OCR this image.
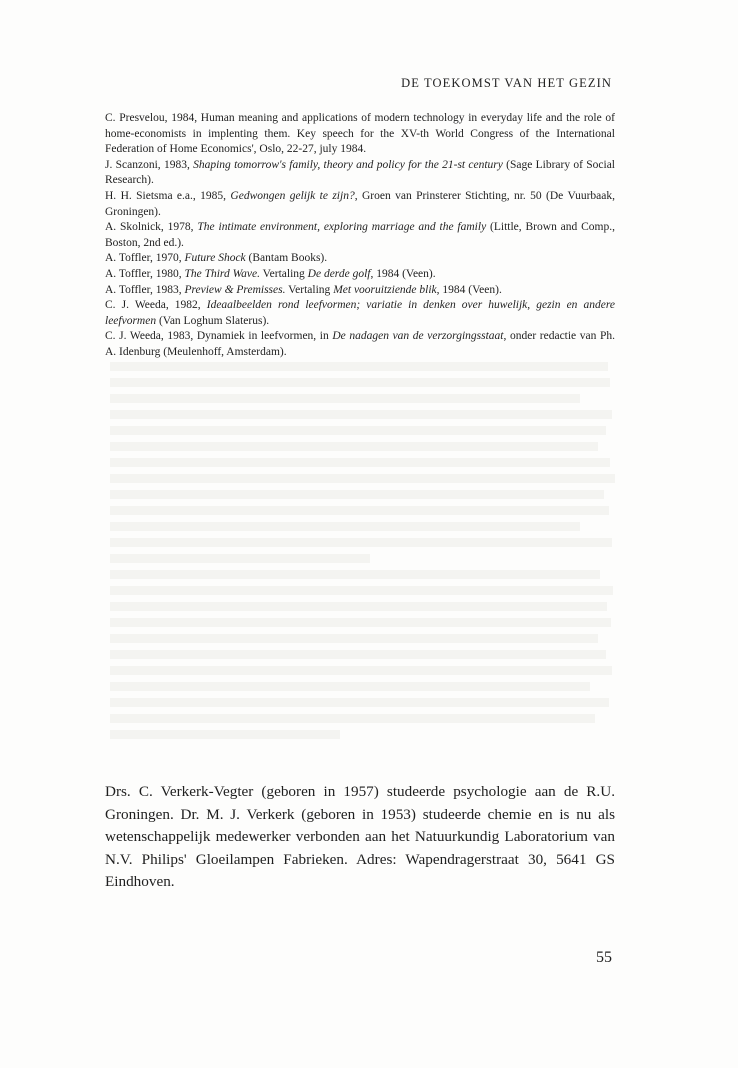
DE TOEKOMST VAN HET GEZIN

C. Presvelou, 1984, Human meaning and applications of modern technology in everyday life and the role of home-economists in implenting them. Key speech for the XV-th World Congress of the International Federation of Home Economics', Oslo, 22-27, july 1984.

J. Scanzoni, 1983, Shaping tomorrow's family, theory and policy for the 21-st century (Sage Library of Social Research).

H. H. Sietsma e.a., 1985, Gedwongen gelijk te zijn?, Groen van Prinsterer Stichting, nr. 50 (De Vuurbaak, Groningen).

A. Skolnick, 1978, The intimate environment, exploring marriage and the family (Little, Brown and Comp., Boston, 2nd ed.).

A. Toffler, 1970, Future Shock (Bantam Books).

A. Toffler, 1980, The Third Wave. Vertaling De derde golf, 1984 (Veen).

A. Toffler, 1983, Preview & Premisses. Vertaling Met vooruitziende blik, 1984 (Veen).

C. J. Weeda, 1982, Ideaalbeelden rond leefvormen; variatie in denken over huwelijk, gezin en andere leefvormen (Van Loghum Slaterus).

C. J. Weeda, 1983, Dynamiek in leefvormen, in De nadagen van de verzorgingsstaat, onder redactie van Ph. A. Idenburg (Meulenhoff, Amsterdam).

Drs. C. Verkerk-Vegter (geboren in 1957) studeerde psychologie aan de R.U. Groningen. Dr. M. J. Verkerk (geboren in 1953) studeerde chemie en is nu als wetenschappelijk medewerker verbonden aan het Natuurkundig Laboratorium van N.V. Philips' Gloeilampen Fabrieken. Adres: Wapendragerstraat 30, 5641 GS Eindhoven.

55
